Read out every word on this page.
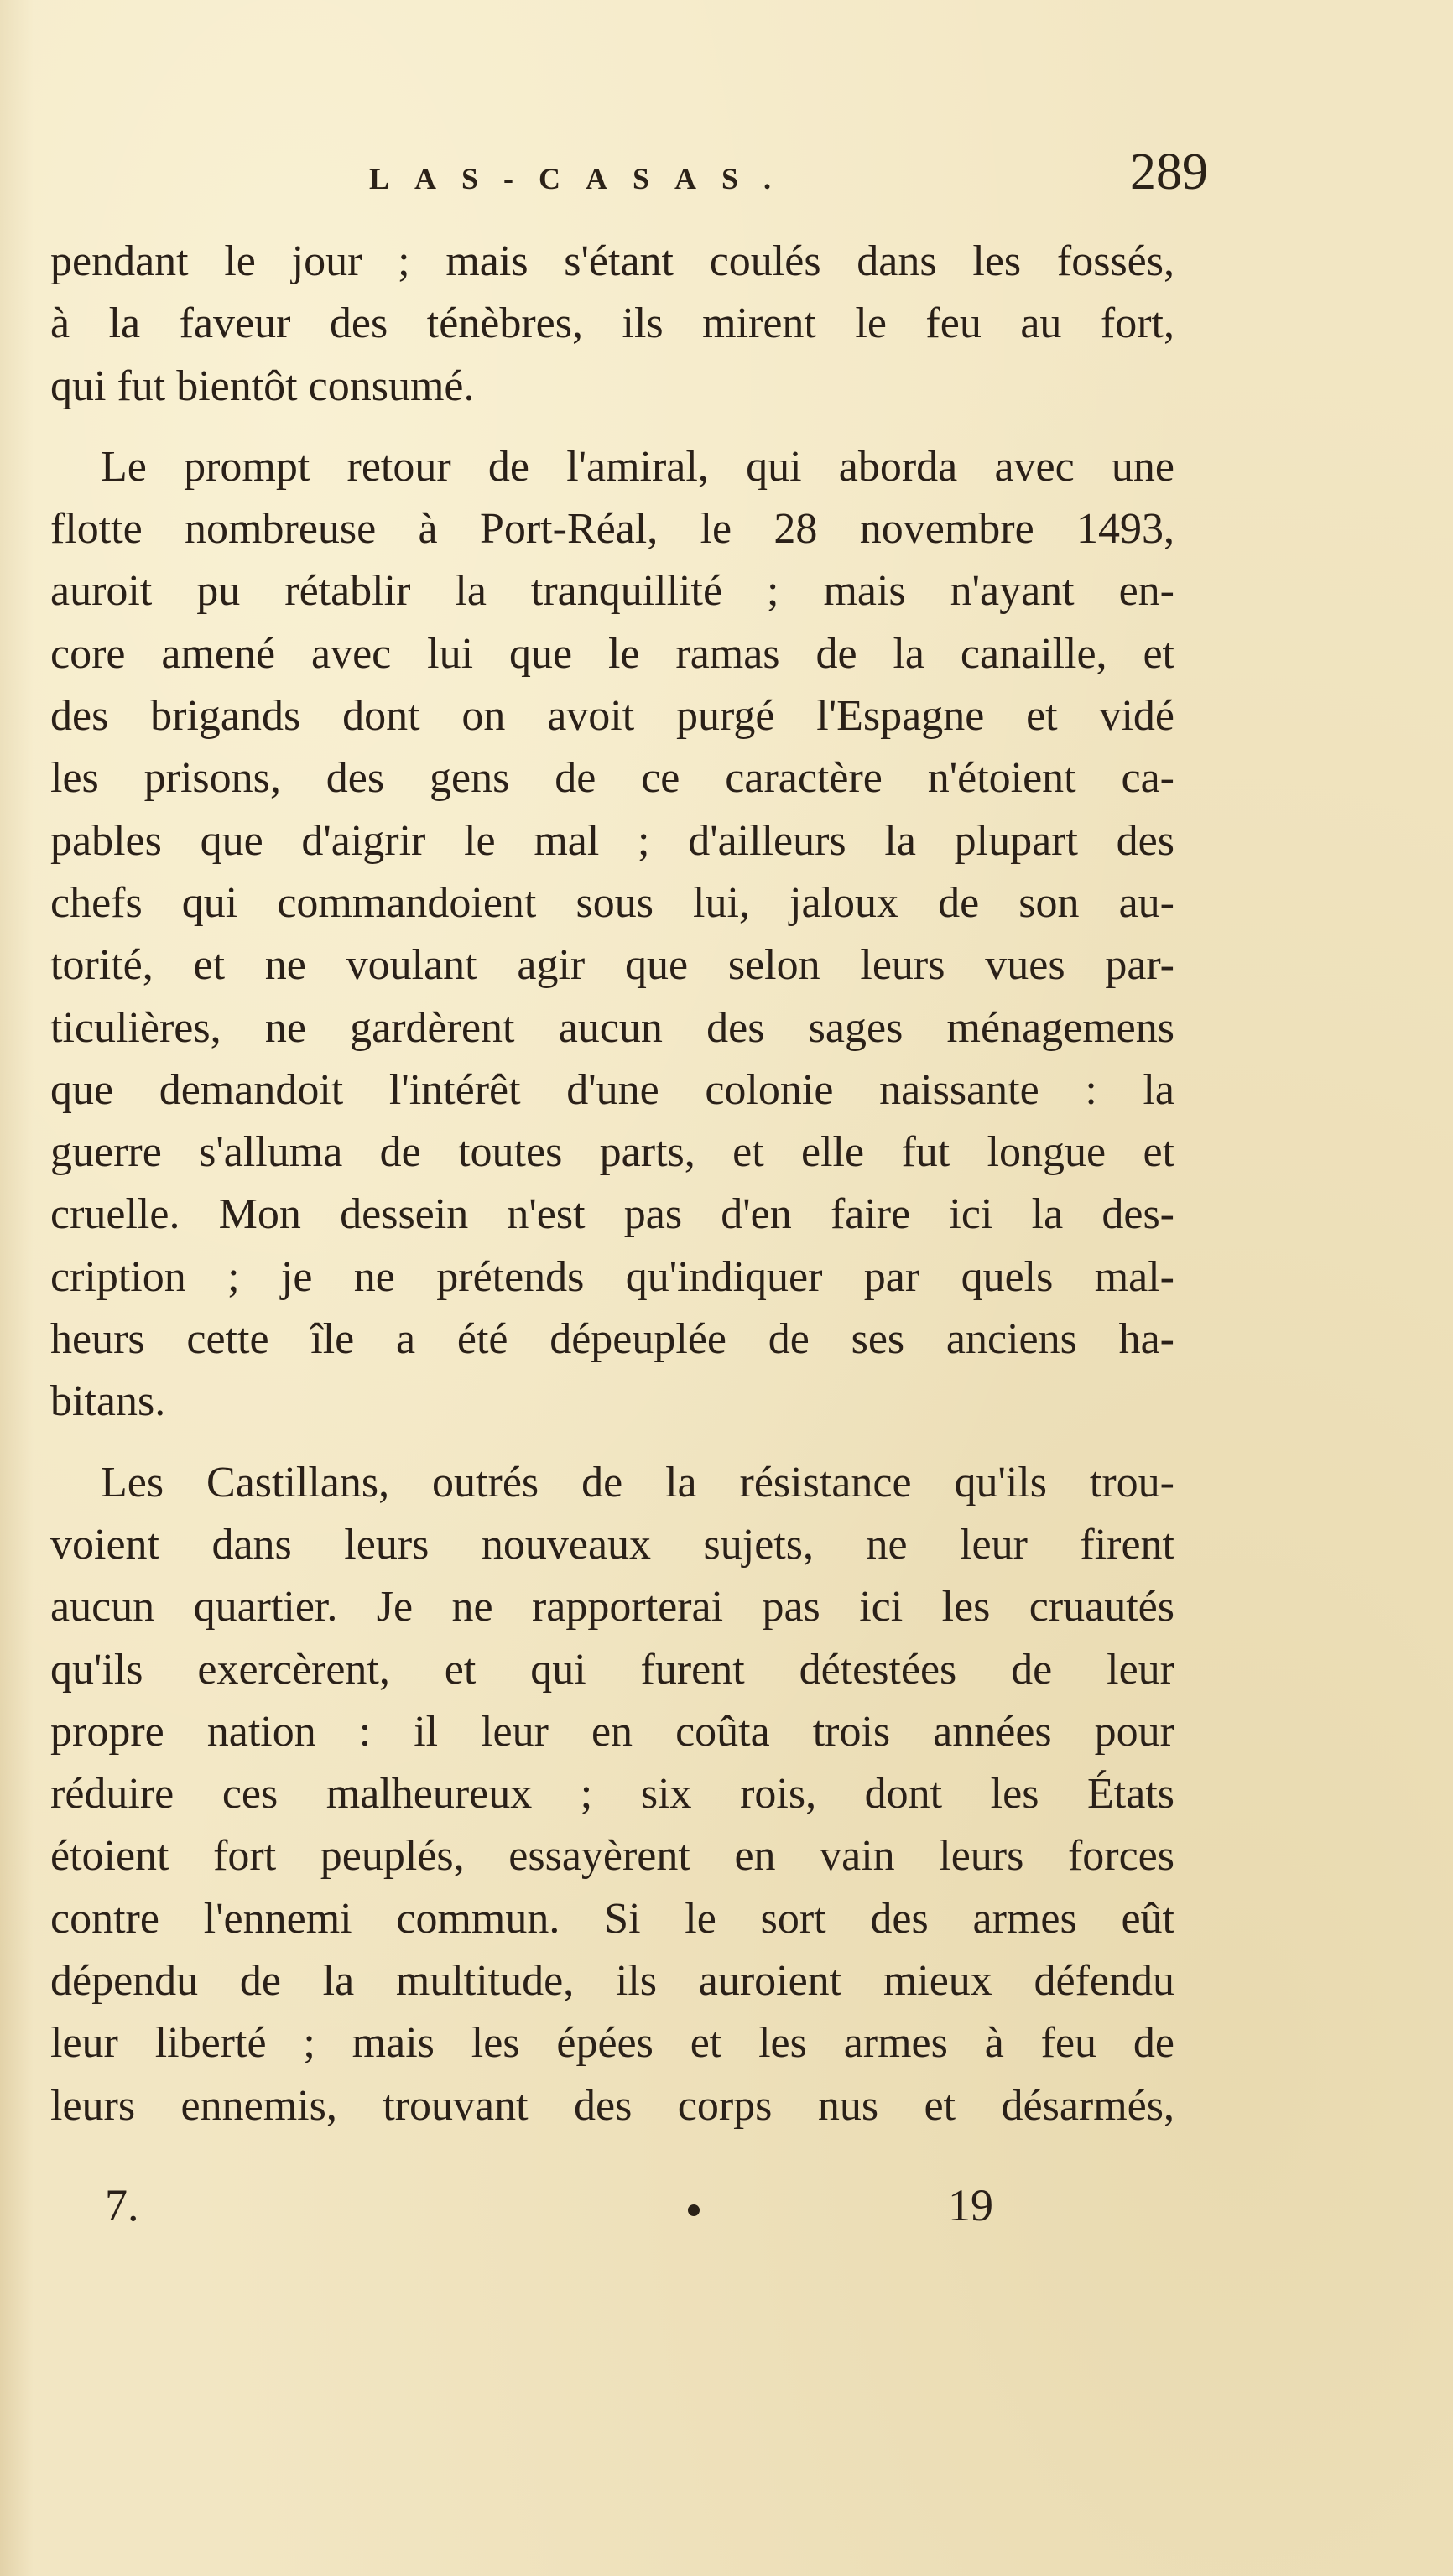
LAS-CASAS.	289
pendant le jour ; mais s'étant coulés dans les fossés,
à la faveur des ténèbres, ils mirent le feu au fort,
qui fut bientôt consumé.
Le prompt retour de l'amiral, qui aborda avec une
flotte nombreuse à Port-Réal, le 28 novembre 1493,
auroit pu rétablir la tranquillité ; mais n'ayant en-
core amené avec lui que le ramas de la canaille, et
des brigands dont on avoit purgé l'Espagne et vidé
les prisons, des gens de ce caractère n'étoient ca-
pables que d'aigrir le mal ; d'ailleurs la plupart des
chefs qui commandoient sous lui, jaloux de son au-
torité, et ne voulant agir que selon leurs vues par-
ticulières, ne gardèrent aucun des sages ménagemens
que demandoit l'intérêt d'une colonie naissante : la
guerre s'alluma de toutes parts, et elle fut longue et
cruelle. Mon dessein n'est pas d'en faire ici la des-
cription ; je ne prétends qu'indiquer par quels mal-
heurs cette île a été dépeuplée de ses anciens ha-
bitans.
Les Castillans, outrés de la résistance qu'ils trou-
voient dans leurs nouveaux sujets, ne leur firent
aucun quartier. Je ne rapporterai pas ici les cruautés
qu'ils exercèrent, et qui furent détestées de leur
propre nation : il leur en coûta trois années pour
réduire ces malheureux ; six rois, dont les États
étoient fort peuplés, essayèrent en vain leurs forces
contre l'ennemi commun. Si le sort des armes eût
dépendu de la multitude, ils auroient mieux défendu
leur liberté ; mais les épées et les armes à feu de
leurs ennemis, trouvant des corps nus et désarmés,
7.	19
